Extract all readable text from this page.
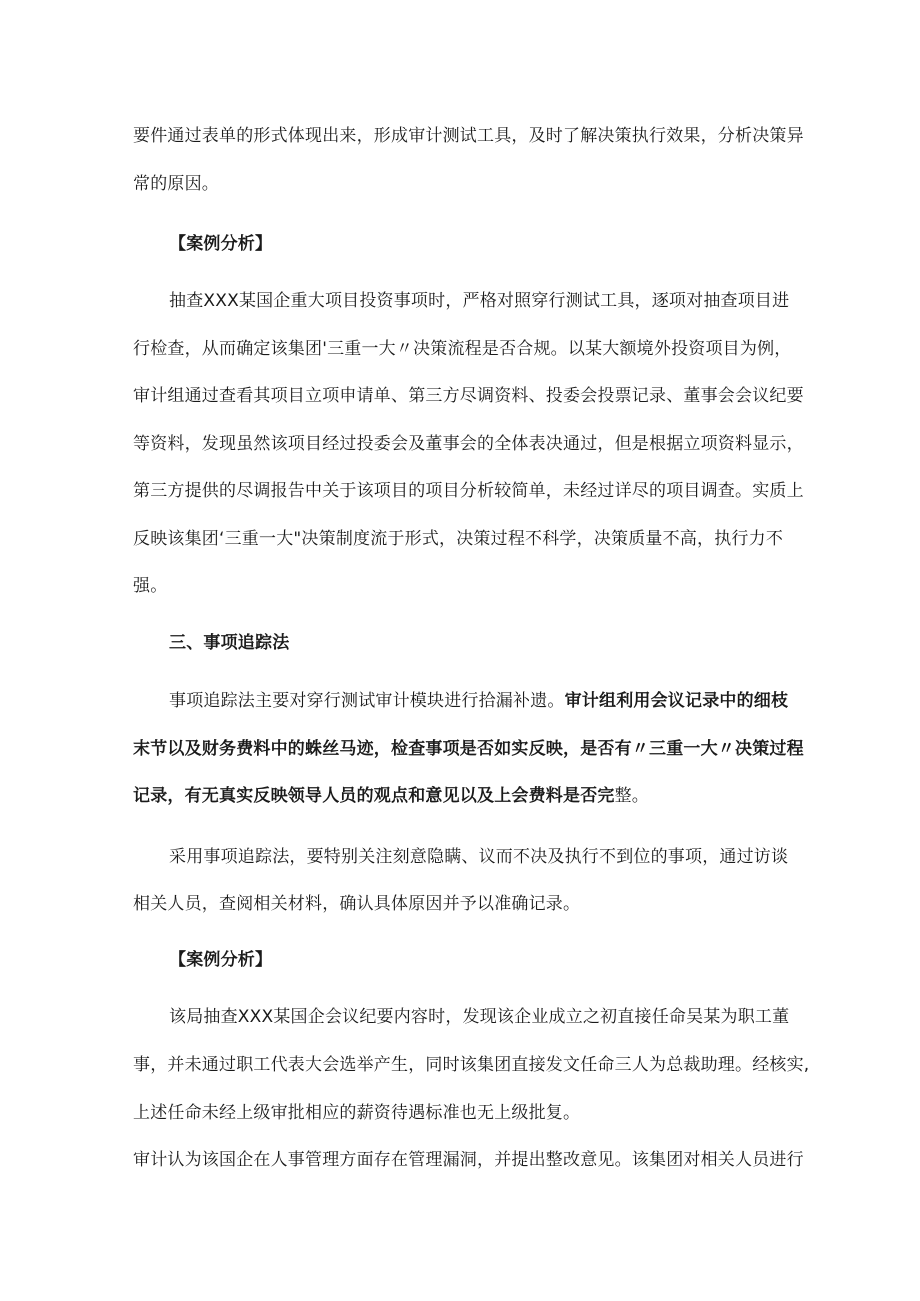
要件通过表单的形式体现出来，形成审计测试工具，及时了解决策执行效果，分析决策异
常的原因。
【案例分析】
抽查XXX某国企重大项目投资事项时，严格对照穿行测试工具，逐项对抽查项目进
行检查，从而确定该集团'三重一大〃决策流程是否合规。以某大额境外投资项目为例，
审计组通过查看其项目立项申请单、第三方尽调资料、投委会投票记录、董事会会议纪要
等资料，发现虽然该项目经过投委会及董事会的全体表决通过，但是根据立项资料显示，
第三方提供的尽调报告中关于该项目的项目分析较简单，未经过详尽的项目调查。实质上
反映该集团‘三重一大"决策制度流于形式，决策过程不科学，决策质量不高，执行力不
强。
三、事项追踪法
事项追踪法主要对穿行测试审计模块进行拾漏补遗。审计组利用会议记录中的细枝
末节以及财务费料中的蛛丝马迹，检查事项是否如实反映，是否有〃三重一大〃决策过程
记录，有无真实反映领导人员的观点和意见以及上会费料是否完整。
采用事项追踪法，要特别关注刻意隐瞒、议而不决及执行不到位的事项，通过访谈
相关人员，查阅相关材料，确认具体原因并予以准确记录。
【案例分析】
该局抽查XXX某国企会议纪要内容时，发现该企业成立之初直接任命吴某为职工董
事，并未通过职工代表大会选举产生，同时该集团直接发文任命三人为总裁助理。经核实,
上述任命未经上级审批相应的薪资待遇标准也无上级批复。
审计认为该国企在人事管理方面存在管理漏洞，并提出整改意见。该集团对相关人员进行
